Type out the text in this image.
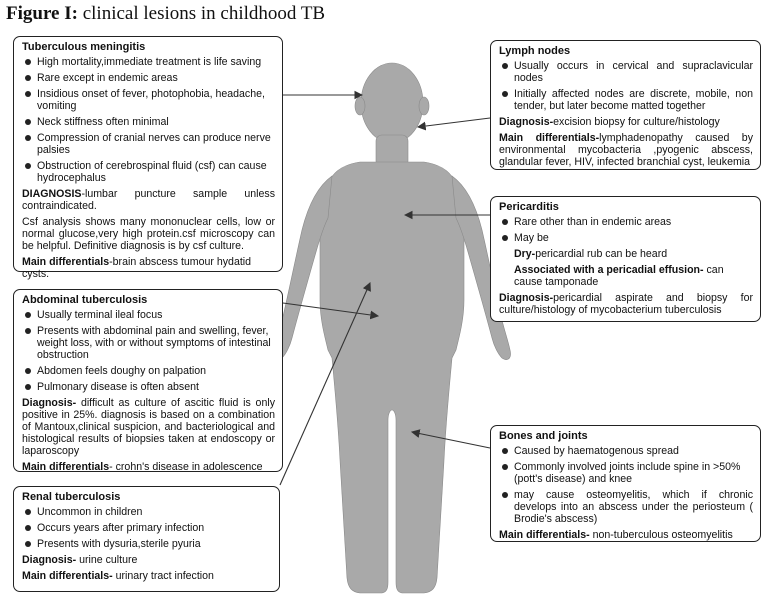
Figure I: clinical lesions in childhood TB
Tuberculous meningitis
High mortality,immediate treatment is life saving
Rare except in endemic areas
Insidious onset of fever, photophobia, headache, vomiting
Neck stiffness often minimal
Compression of cranial nerves can produce nerve palsies
Obstruction of cerebrospinal fluid (csf) can cause hydrocephalus

DIAGNOSIS-lumbar puncture sample unless contraindicated.

Csf analysis shows many mononuclear cells, low or normal glucose,very high protein.csf microscopy can be helpful. Definitive diagnosis is by csf culture.

Main differentials-brain abscess tumour hydatid cysts.

Lymph nodes
Usually occurs in cervical and supraclavicular nodes
Initially affected nodes are discrete, mobile, non tender, but later become matted together

Diagnosis-excision biopsy for culture/histology

Main differentials-lymphadenopathy caused by environmental mycobacteria ,pyogenic abscess, glandular fever, HIV, infected branchial cyst, leukemia

Pericarditis
Rare other than in endemic areas
May be
Dry-pericardial rub can be heard
Associated with a pericadial effusion- can cause tamponade

Diagnosis-pericardial aspirate and biopsy for culture/histology of mycobacterium tuberculosis

Abdominal tuberculosis
Usually terminal ileal focus
Presents with abdominal pain and swelling, fever, weight loss, with or without symptoms of intestinal obstruction
Abdomen feels doughy on palpation
Pulmonary disease is often absent

Diagnosis- difficult as culture of ascitic fluid is only positive in 25%. diagnosis is based on a combination of Mantoux,clinical suspicion, and bacteriological and histological results of biopsies taken at endoscopy or laparoscopy

Main differentials- crohn's disease in adolescence

Bones and joints
Caused by haematogenous spread
Commonly involved joints include spine in >50% (pott's disease) and knee
may cause osteomyelitis, which if chronic develops into an abscess under the periosteum ( Brodie's abscess)

Main differentials- non-tuberculous osteomyelitis

Renal tuberculosis
Uncommon in children
Occurs years after primary infection
Presents with dysuria,sterile pyuria

Diagnosis- urine culture

Main differentials- urinary tract infection
